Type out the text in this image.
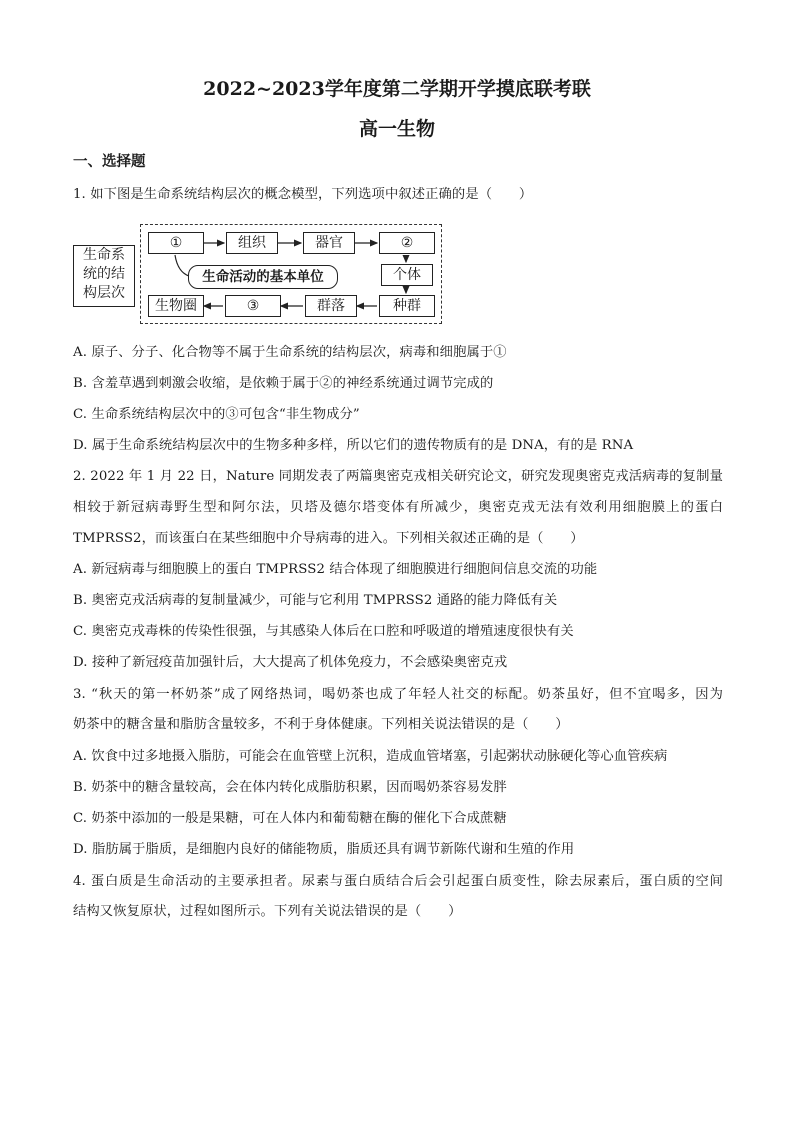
2022~2023学年度第二学期开学摸底联考联
高一生物
一、选择题
1. 如下图是生命系统结构层次的概念模型，下列选项中叙述正确的是（　　）
生命系
统的结
构层次
①	组织	器官	②
个体
种群
群落
③
生物圈
生命活动的基本单位
A. 原子、分子、化合物等不属于生命系统的结构层次，病毒和细胞属于①
B. 含羞草遇到刺激会收缩，是依赖于属于②的神经系统通过调节完成的
C. 生命系统结构层次中的③可包含“非生物成分”
D. 属于生命系统结构层次中的生物多种多样，所以它们的遗传物质有的是 DNA，有的是 RNA
2. 2022 年 1 月 22 日，Nature 同期发表了两篇奥密克戎相关研究论文，研究发现奥密克戎活病毒的复制量
相较于新冠病毒野生型和阿尔法，贝塔及德尔塔变体有所减少，奥密克戎无法有效利用细胞膜上的蛋白
TMPRSS2，而该蛋白在某些细胞中介导病毒的进入。下列相关叙述正确的是（　　）
A. 新冠病毒与细胞膜上的蛋白 TMPRSS2 结合体现了细胞膜进行细胞间信息交流的功能
B. 奥密克戎活病毒的复制量减少，可能与它利用 TMPRSS2 通路的能力降低有关
C. 奥密克戎毒株的传染性很强，与其感染人体后在口腔和呼吸道的增殖速度很快有关
D. 接种了新冠疫苗加强针后，大大提高了机体免疫力，不会感染奥密克戎
3. “秋天的第一杯奶茶”成了网络热词，喝奶茶也成了年轻人社交的标配。奶茶虽好，但不宜喝多，因为
奶茶中的糖含量和脂肪含量较多，不利于身体健康。下列相关说法错误的是（　　）
A. 饮食中过多地摄入脂肪，可能会在血管壁上沉积，造成血管堵塞，引起粥状动脉硬化等心血管疾病
B. 奶茶中的糖含量较高，会在体内转化成脂肪积累，因而喝奶茶容易发胖
C. 奶茶中添加的一般是果糖，可在人体内和葡萄糖在酶的催化下合成蔗糖
D. 脂肪属于脂质，是细胞内良好的储能物质，脂质还具有调节新陈代谢和生殖的作用
4. 蛋白质是生命活动的主要承担者。尿素与蛋白质结合后会引起蛋白质变性，除去尿素后，蛋白质的空间
结构又恢复原状，过程如图所示。下列有关说法错误的是（　　）
